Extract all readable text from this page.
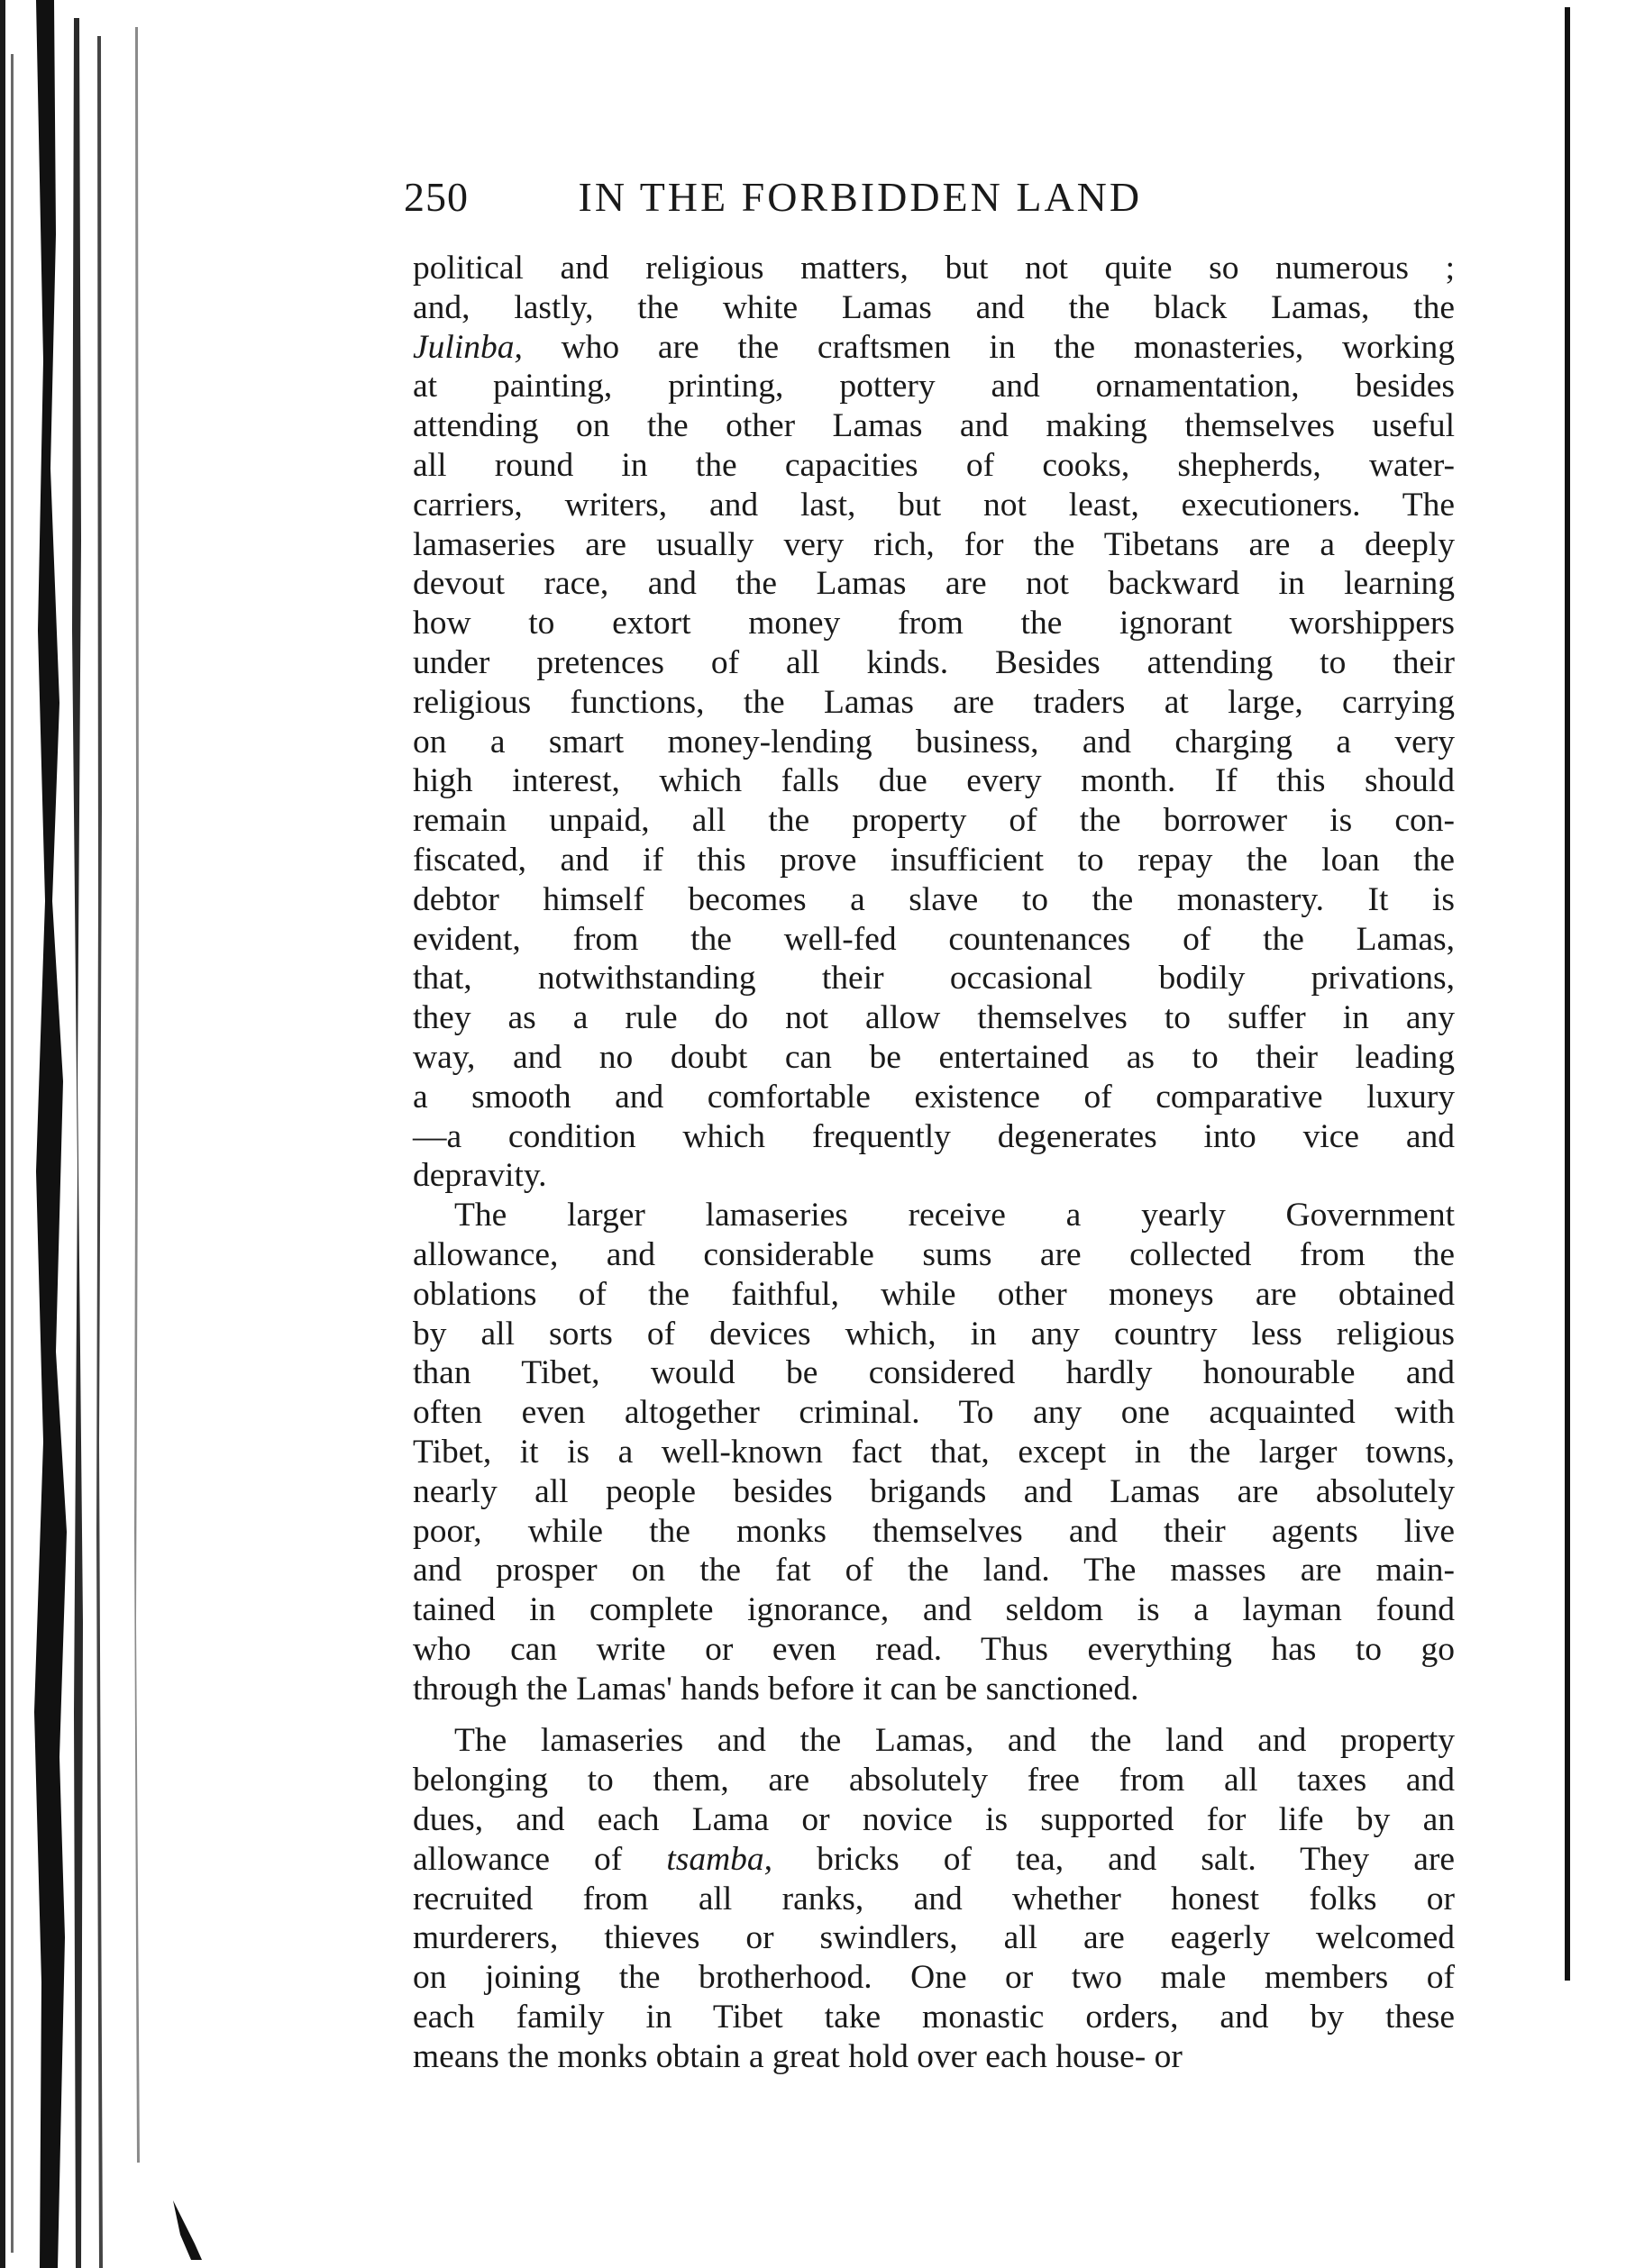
250	IN THE FORBIDDEN LAND
political and religious matters, but not quite so numerous ;
and, lastly, the white Lamas and the black Lamas, the
Julinba, who are the craftsmen in the monasteries, working
at painting, printing, pottery and ornamentation, besides
attending on the other Lamas and making themselves useful
all round in the capacities of cooks, shepherds, water-
carriers, writers, and last, but not least, executioners. The
lamaseries are usually very rich, for the Tibetans are a deeply
devout race, and the Lamas are not backward in learning
how to extort money from the ignorant worshippers
under pretences of all kinds. Besides attending to their
religious functions, the Lamas are traders at large, carrying
on a smart money-lending business, and charging a very
high interest, which falls due every month. If this should
remain unpaid, all the property of the borrower is con-
fiscated, and if this prove insufficient to repay the loan the
debtor himself becomes a slave to the monastery. It is
evident, from the well-fed countenances of the Lamas,
that, notwithstanding their occasional bodily privations,
they as a rule do not allow themselves to suffer in any
way, and no doubt can be entertained as to their leading
a smooth and comfortable existence of comparative luxury
—a condition which frequently degenerates into vice and
depravity.
The larger lamaseries receive a yearly Government
allowance, and considerable sums are collected from the
oblations of the faithful, while other moneys are obtained
by all sorts of devices which, in any country less religious
than Tibet, would be considered hardly honourable and
often even altogether criminal. To any one acquainted with
Tibet, it is a well-known fact that, except in the larger towns,
nearly all people besides brigands and Lamas are absolutely
poor, while the monks themselves and their agents live
and prosper on the fat of the land. The masses are main-
tained in complete ignorance, and seldom is a layman found
who can write or even read. Thus everything has to go
through the Lamas' hands before it can be sanctioned.
The lamaseries and the Lamas, and the land and property
belonging to them, are absolutely free from all taxes and
dues, and each Lama or novice is supported for life by an
allowance of tsamba, bricks of tea, and salt. They are
recruited from all ranks, and whether honest folks or
murderers, thieves or swindlers, all are eagerly welcomed
on joining the brotherhood. One or two male members of
each family in Tibet take monastic orders, and by these
means the monks obtain a great hold over each house- or
